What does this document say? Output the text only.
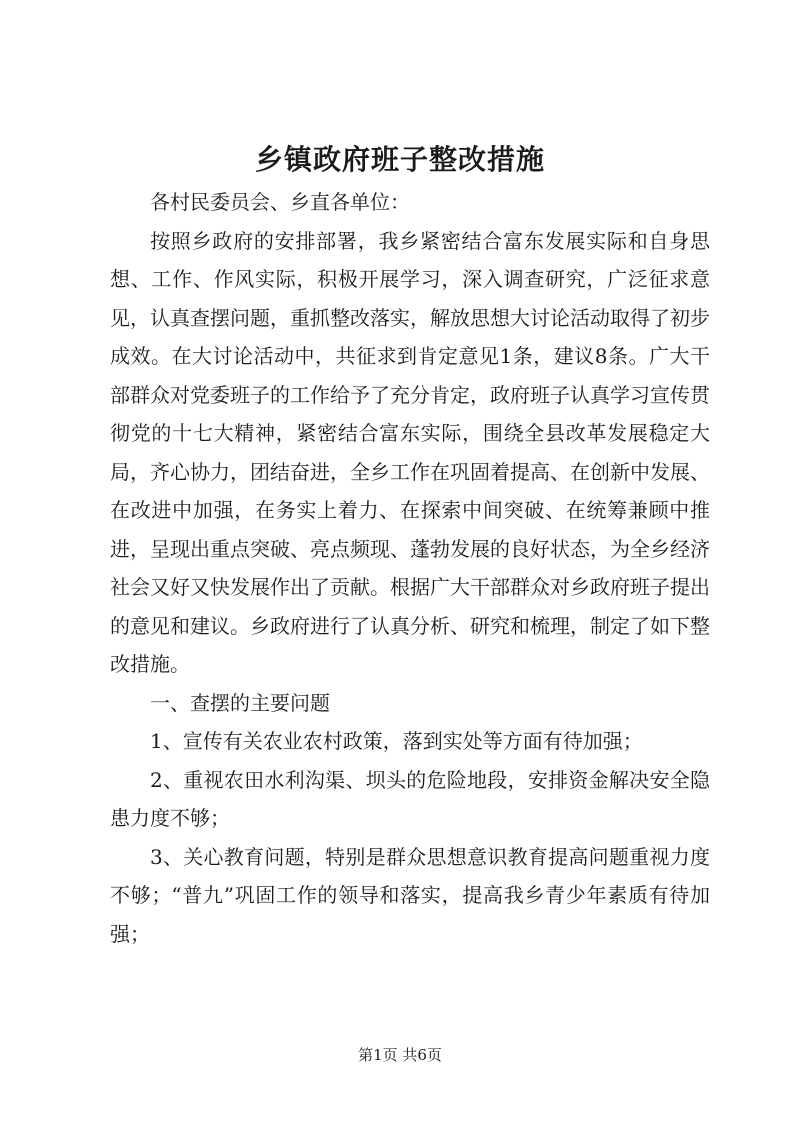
乡镇政府班子整改措施

各村民委员会、乡直各单位：

按照乡政府的安排部署，我乡紧密结合富东发展实际和自身思想、工作、作风实际，积极开展学习，深入调查研究，广泛征求意见，认真查摆问题，重抓整改落实，解放思想大讨论活动取得了初步成效。在大讨论活动中，共征求到肯定意见1条，建议8条。广大干部群众对党委班子的工作给予了充分肯定，政府班子认真学习宣传贯彻党的十七大精神，紧密结合富东实际，围绕全县改革发展稳定大局，齐心协力，团结奋进，全乡工作在巩固着提高、在创新中发展、在改进中加强，在务实上着力、在探索中间突破、在统筹兼顾中推进，呈现出重点突破、亮点频现、蓬勃发展的良好状态，为全乡经济社会又好又快发展作出了贡献。根据广大干部群众对乡政府班子提出的意见和建议。乡政府进行了认真分析、研究和梳理，制定了如下整改措施。

一、查摆的主要问题

1、宣传有关农业农村政策，落到实处等方面有待加强；

2、重视农田水利沟渠、坝头的危险地段，安排资金解决安全隐患力度不够；

3、关心教育问题，特别是群众思想意识教育提高问题重视力度不够；“普九”巩固工作的领导和落实，提高我乡青少年素质有待加强；

第1页 共6页
